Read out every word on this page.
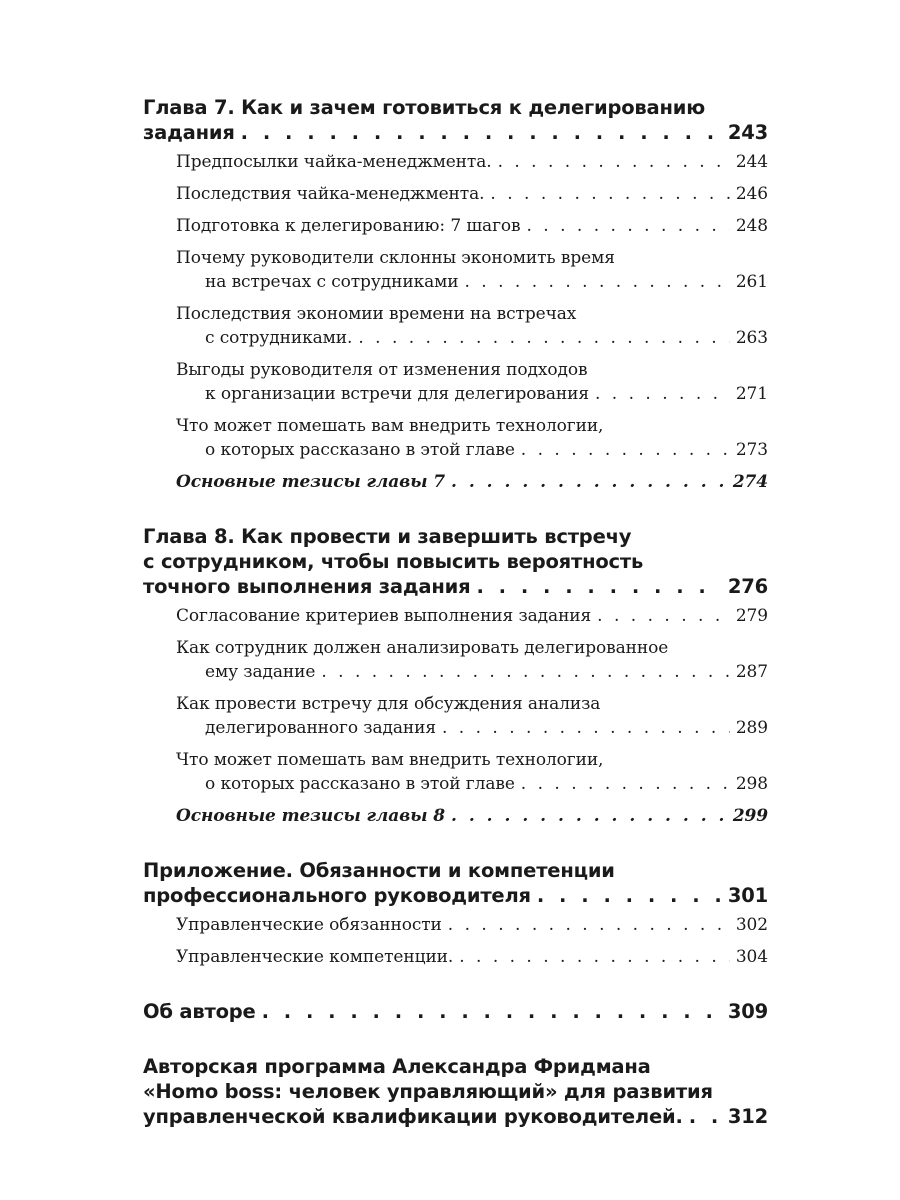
Глава 7. Как и зачем готовиться к делегированию
задания . . .	243
Предпосылки чайка-менеджмента. . . .	244
Последствия чайка-менеджмента. . . .	246
Подготовка к делегированию: 7 шагов . . .	248
Почему руководители склонны экономить время
на встречах с сотрудниками . . .	261
Последствия экономии времени на встречах
с сотрудниками. . . .	263
Выгоды руководителя от изменения подходов
к организации встречи для делегирования . . .	271
Что может помешать вам внедрить технологии,
о которых рассказано в этой главе . . .	273
Основные тезисы главы 7 . . .	274
Глава 8. Как провести и завершить встречу
с сотрудником, чтобы повысить вероятность
точного выполнения задания . . .	276
Согласование критериев выполнения задания . . .	279
Как сотрудник должен анализировать делегированное
ему задание . . .	287
Как провести встречу для обсуждения анализа
делегированного задания . . .	289
Что может помешать вам внедрить технологии,
о которых рассказано в этой главе . . .	298
Основные тезисы главы 8 . . .	299
Приложение. Обязанности и компетенции
профессионального руководителя . . .	301
Управленческие обязанности . . .	302
Управленческие компетенции. . . .	304
Об авторе . . .	309
Авторская программа Александра Фридмана
«Homo boss: человек управляющий» для развития
управленческой квалификации руководителей. . . . 312
